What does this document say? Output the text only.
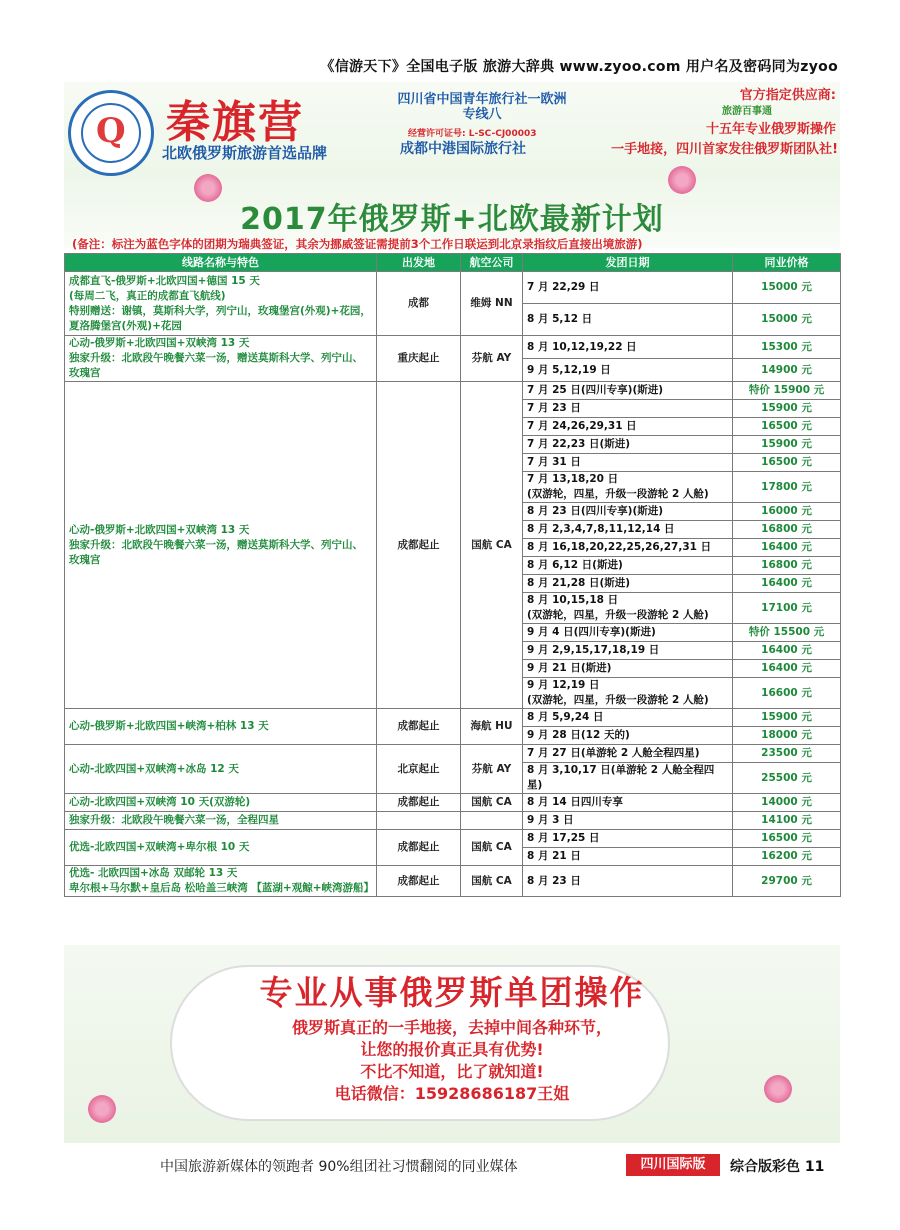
《信游天下》全国电子版 旅游大辞典 www.zyoo.com 用户名及密码同为zyoo
Q
秦旗营
北欧俄罗斯旅游首选品牌
四川省中国青年旅行社一欧洲专线八
经营许可证号: L-SC-CJ00003
成都中港国际旅行社
官方指定供应商:
旅游百事通
十五年专业俄罗斯操作
一手地接，四川首家发往俄罗斯团队社!
2017年俄罗斯+北欧最新计划
(备注：标注为蓝色字体的团期为瑞典签证，其余为挪威签证需提前3个工作日联运到北京录指纹后直接出境旅游)
线路名称与特色	出发地	航空公司	发团日期	同业价格
成都直飞-俄罗斯+北欧四国+德国 15 天
(每周二飞，真正的成都直飞航线)
特别赠送：谢镇，莫斯科大学，列宁山，玫瑰堡宫(外观)+花园，夏洛腾堡宫(外观)+花园	成都	维姆 NN	7 月 22,29 日	15000 元
			8 月 5,12 日	15000 元
心动-俄罗斯+北欧四国+双峡湾 13 天
独家升级：北欧段午晚餐六菜一汤，赠送莫斯科大学、列宁山、玫瑰宫	重庆起止	芬航 AY	8 月 10,12,19,22 日	15300 元
			9 月 5,12,19 日	14900 元
心动-俄罗斯+北欧四国+双峡湾 13 天
独家升级：北欧段午晚餐六菜一汤，赠送莫斯科大学、列宁山、玫瑰宫	成都起止	国航 CA	7 月 25 日(四川专享)(斯进)	特价 15900 元
			7 月 23 日	15900 元
			7 月 24,26,29,31 日	16500 元
			7 月 22,23 日(斯进)	15900 元
			7 月 31 日	16500 元
			7 月 13,18,20 日
(双游轮，四星，升级一段游轮 2 人舱)	17800 元
			8 月 23 日(四川专享)(斯进)	16000 元
			8 月 2,3,4,7,8,11,12,14 日	16800 元
			8 月 16,18,20,22,25,26,27,31 日	16400 元
			8 月 6,12 日(斯进)	16800 元
			8 月 21,28 日(斯进)	16400 元
			8 月 10,15,18 日
(双游轮，四星，升级一段游轮 2 人舱)	17100 元
			9 月 4 日(四川专享)(斯进)	特价 15500 元
			9 月 2,9,15,17,18,19 日	16400 元
			9 月 21 日(斯进)	16400 元
			9 月 12,19 日
(双游轮，四星，升级一段游轮 2 人舱)	16600 元
心动-俄罗斯+北欧四国+峡湾+柏林 13 天	成都起止	海航 HU	8 月 5,9,24 日	15900 元
			9 月 28 日(12 天的)	18000 元
心动-北欧四国+双峡湾+冰岛 12 天	北京起止	芬航 AY	7 月 27 日(单游轮 2 人舱全程四星)	23500 元
			8 月 3,10,17 日(单游轮 2 人舱全程四星)	25500 元
心动-北欧四国+双峡湾 10 天(双游轮)	成都起止	国航 CA	8 月 14 日四川专享	14000 元
独家升级：北欧段午晚餐六菜一汤，全程四星			9 月 3 日	14100 元
优选-北欧四国+双峡湾+卑尔根 10 天	成都起止	国航 CA	8 月 17,25 日	16500 元
			8 月 21 日	16200 元
优选- 北欧四国+冰岛 双邮轮 13 天
卑尔根+马尔默+皇后岛 松哈盖三峡湾 【蓝湖+观鲸+峡湾游船】	成都起止	国航 CA	8 月 23 日	29700 元
专业从事俄罗斯单团操作
俄罗斯真正的一手地接，去掉中间各种环节，
让您的报价真正具有优势!
不比不知道，比了就知道!
电话微信：15928686187王姐
中国旅游新媒体的领跑者 90%组团社习惯翻阅的同业媒体	四川国际版	综合版彩色 11
